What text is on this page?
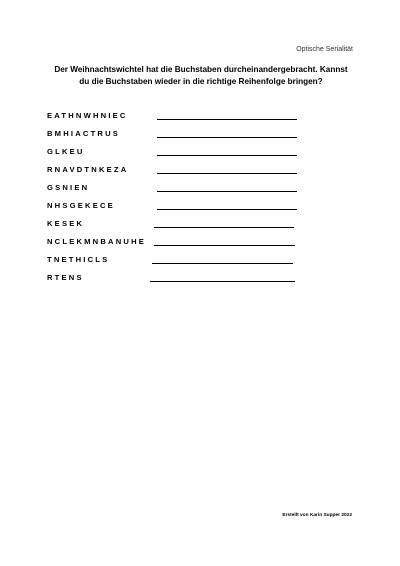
Optische Serialität
Der Weihnachtswichtel hat die Buchstaben durcheinandergebracht. Kannst
du die Buchstaben wieder in die richtige Reihenfolge bringen?
EATHNWHNIEC
BMHIACTRUS
GLKEU
RNAVDTNKEZA
GSNIEN
NHSGEKECE
KESEK
NCLEKMNBANUHE
TNETHICLS
RTENS
Erstellt von Karin Supper 2022
